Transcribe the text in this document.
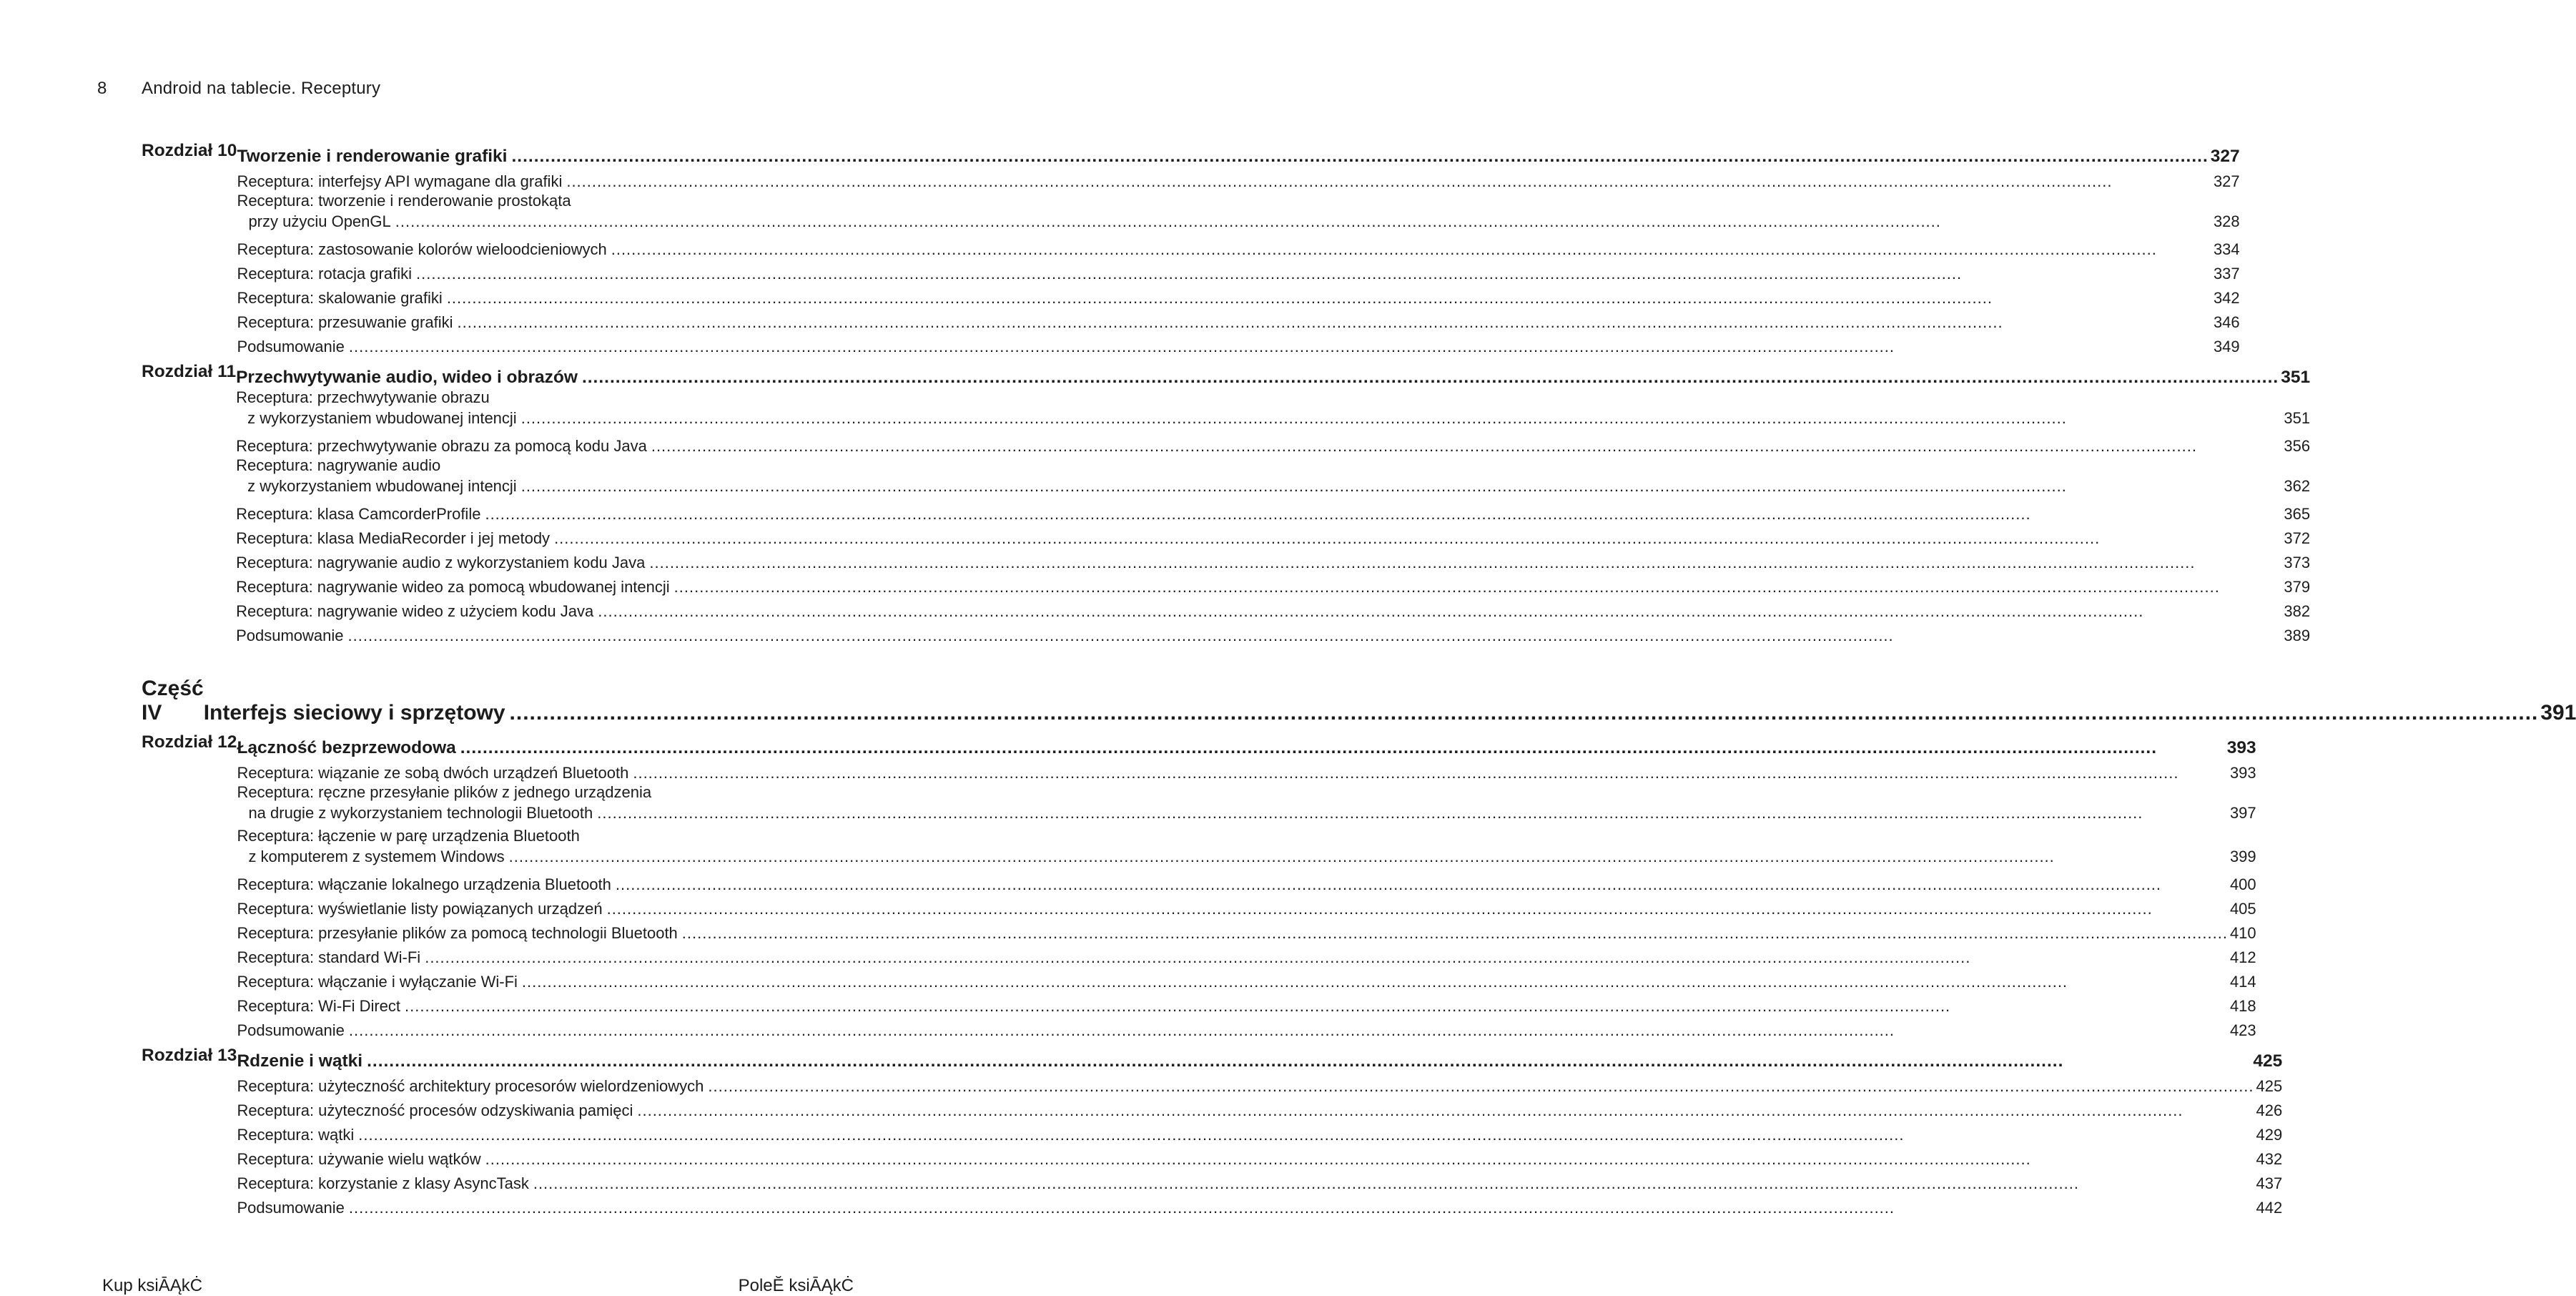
8 Android na tablecie. Receptury
Rozdział 10 Tworzenie i renderowanie grafiki .....	327
Receptura: interfejsy API wymagane dla grafiki .....	327
Receptura: tworzenie i renderowanie prostokąta
przy użyciu OpenGL .....	328
Receptura: zastosowanie kolorów wieloodcieniowych .....	334
Receptura: rotacja grafiki .....	337
Receptura: skalowanie grafiki .....	342
Receptura: przesuwanie grafiki .....	346
Podsumowanie .....	349
Rozdział 11 Przechwytywanie audio, wideo i obrazów .....	351
Receptura: przechwytywanie obrazu
z wykorzystaniem wbudowanej intencji .....	351
Receptura: przechwytywanie obrazu za pomocą kodu Java .....	356
Receptura: nagrywanie audio
z wykorzystaniem wbudowanej intencji .....	362
Receptura: klasa CamcorderProfile .....	365
Receptura: klasa MediaRecorder i jej metody .....	372
Receptura: nagrywanie audio z wykorzystaniem kodu Java .....	373
Receptura: nagrywanie wideo za pomocą wbudowanej intencji .....	379
Receptura: nagrywanie wideo z użyciem kodu Java .....	382
Podsumowanie .....	389
Część IV	Interfejs sieciowy i sprzętowy .....	391
Rozdział 12 Łączność bezprzewodowa .....	393
Receptura: wiązanie ze sobą dwóch urządzeń Bluetooth .....	393
Receptura: ręczne przesyłanie plików z jednego urządzenia
na drugie z wykorzystaniem technologii Bluetooth .....	397
Receptura: łączenie w parę urządzenia Bluetooth
z komputerem z systemem Windows .....	399
Receptura: włączanie lokalnego urządzenia Bluetooth .....	400
Receptura: wyświetlanie listy powiązanych urządzeń .....	405
Receptura: przesyłanie plików za pomocą technologii Bluetooth .....	410
Receptura: standard Wi-Fi .....	412
Receptura: włączanie i wyłączanie Wi-Fi .....	414
Receptura: Wi-Fi Direct .....	418
Podsumowanie .....	423
Rozdział 13 Rdzenie i wątki .....	425
Receptura: użyteczność architektury procesorów wielordzeniowych .....	425
Receptura: użyteczność procesów odzyskiwania pamięci .....	426
Receptura: wątki .....	429
Receptura: używanie wielu wątków .....	432
Receptura: korzystanie z klasy AsyncTask .....	437
Podsumowanie .....	442
Kup ksiĀĄkĊ	PoleĔ ksiĀĄkĊ
